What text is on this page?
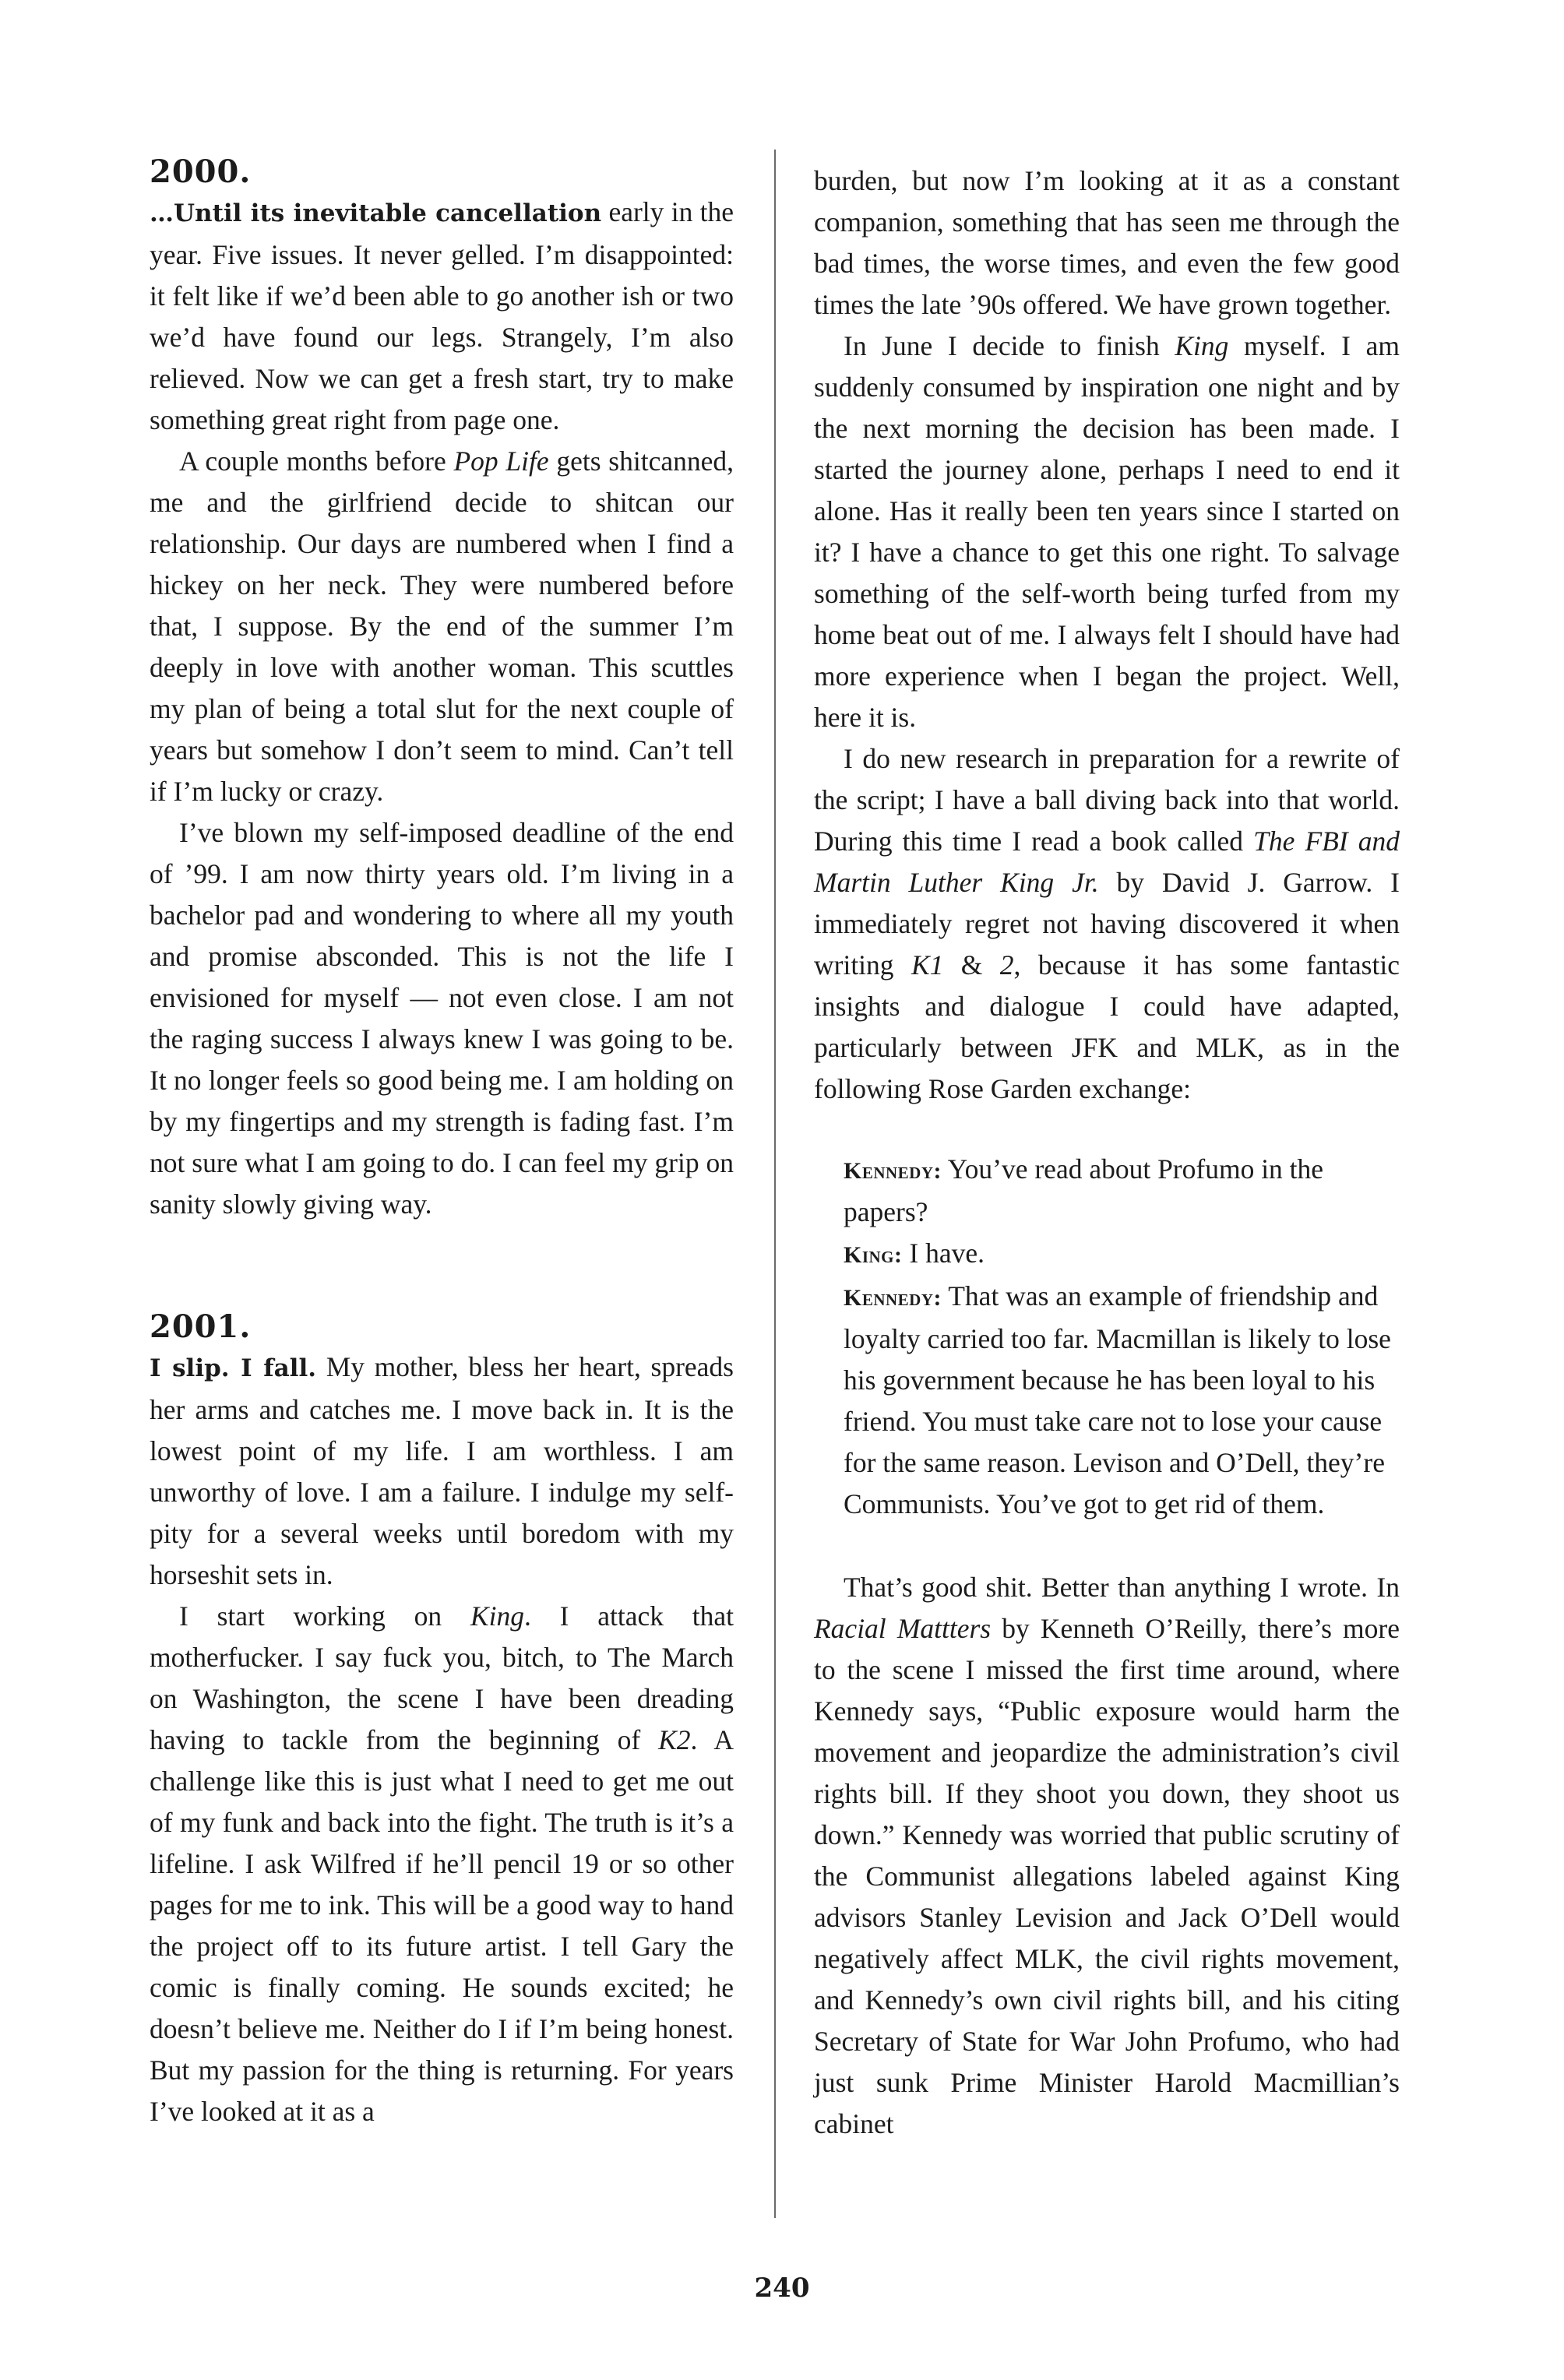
2000.

…Until its inevitable cancellation early in the year. Five issues. It never gelled. I’m disappointed: it felt like if we’d been able to go another ish or two we’d have found our legs. Strangely, I’m also relieved. Now we can get a fresh start, try to make something great right from page one.

A couple months before Pop Life gets shitcanned, me and the girlfriend decide to shitcan our relationship. Our days are numbered when I find a hickey on her neck. They were numbered before that, I suppose. By the end of the summer I’m deeply in love with another woman. This scuttles my plan of being a total slut for the next couple of years but somehow I don’t seem to mind. Can’t tell if I’m lucky or crazy.

I’ve blown my self-imposed deadline of the end of ’99. I am now thirty years old. I’m living in a bachelor pad and wondering to where all my youth and promise absconded. This is not the life I envisioned for myself — not even close. I am not the raging success I always knew I was going to be. It no longer feels so good being me. I am holding on by my fingertips and my strength is fading fast. I’m not sure what I am going to do. I can feel my grip on sanity slowly giving way.

2001.

I slip. I fall. My mother, bless her heart, spreads her arms and catches me. I move back in. It is the lowest point of my life. I am worthless. I am unworthy of love. I am a failure. I indulge my self-pity for a several weeks until boredom with my horseshit sets in.

I start working on King. I attack that motherfucker. I say fuck you, bitch, to The March on Washington, the scene I have been dreading having to tackle from the beginning of K2. A challenge like this is just what I need to get me out of my funk and back into the fight. The truth is it’s a lifeline. I ask Wilfred if he’ll pencil 19 or so other pages for me to ink. This will be a good way to hand the project off to its future artist. I tell Gary the comic is finally coming. He sounds excited; he doesn’t believe me. Neither do I if I’m being honest. But my passion for the thing is returning. For years I’ve looked at it as a

burden, but now I’m looking at it as a constant companion, something that has seen me through the bad times, the worse times, and even the few good times the late ’90s offered. We have grown together.

In June I decide to finish King myself. I am suddenly consumed by inspiration one night and by the next morning the decision has been made. I started the journey alone, perhaps I need to end it alone. Has it really been ten years since I started on it? I have a chance to get this one right. To salvage something of the self-worth being turfed from my home beat out of me. I always felt I should have had more experience when I began the project. Well, here it is.

I do new research in preparation for a rewrite of the script; I have a ball diving back into that world. During this time I read a book called The FBI and Martin Luther King Jr. by David J. Garrow. I immediately regret not having discovered it when writing K1 & 2, because it has some fantastic insights and dialogue I could have adapted, particularly between JFK and MLK, as in the following Rose Garden exchange:

Kennedy: You’ve read about Profumo in the papers?

King: I have.

Kennedy: That was an example of friendship and loyalty carried too far. Macmillan is likely to lose his government because he has been loyal to his friend. You must take care not to lose your cause for the same reason. Levison and O’Dell, they’re Communists. You’ve got to get rid of them.

That’s good shit. Better than anything I wrote. In Racial Mattters by Kenneth O’Reilly, there’s more to the scene I missed the first time around, where Kennedy says, “Public exposure would harm the movement and jeopardize the administration’s civil rights bill. If they shoot you down, they shoot us down.” Kennedy was worried that public scrutiny of the Communist allegations labeled against King advisors Stanley Levision and Jack O’Dell would negatively affect MLK, the civil rights movement, and Kennedy’s own civil rights bill, and his citing Secretary of State for War John Profumo, who had just sunk Prime Minister Harold Macmillian’s cabinet

240
